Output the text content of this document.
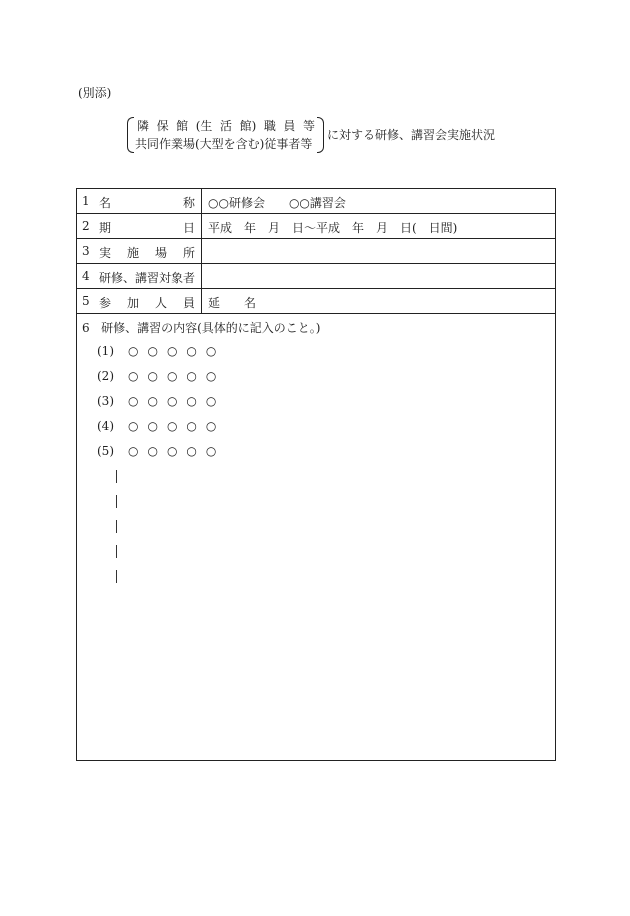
(別添)
隣 保 館 (生 活 館) 職 員 等
共同作業場(大型を含む)従事者等
に対する研修、講習会実施状況
1 名	称 ○○研修会　　○○講習会
2 期	日 平成　年　月　日～平成　年　月　日(　日間)
3 実 施 場 所
4 研修、講習対象者
5 参 加 人 員 延　　名
6 研修、講習の内容(具体的に記入のこと。)
(1) ○○○○○
(2) ○○○○○
(3) ○○○○○
(4) ○○○○○
(5) ○○○○○
